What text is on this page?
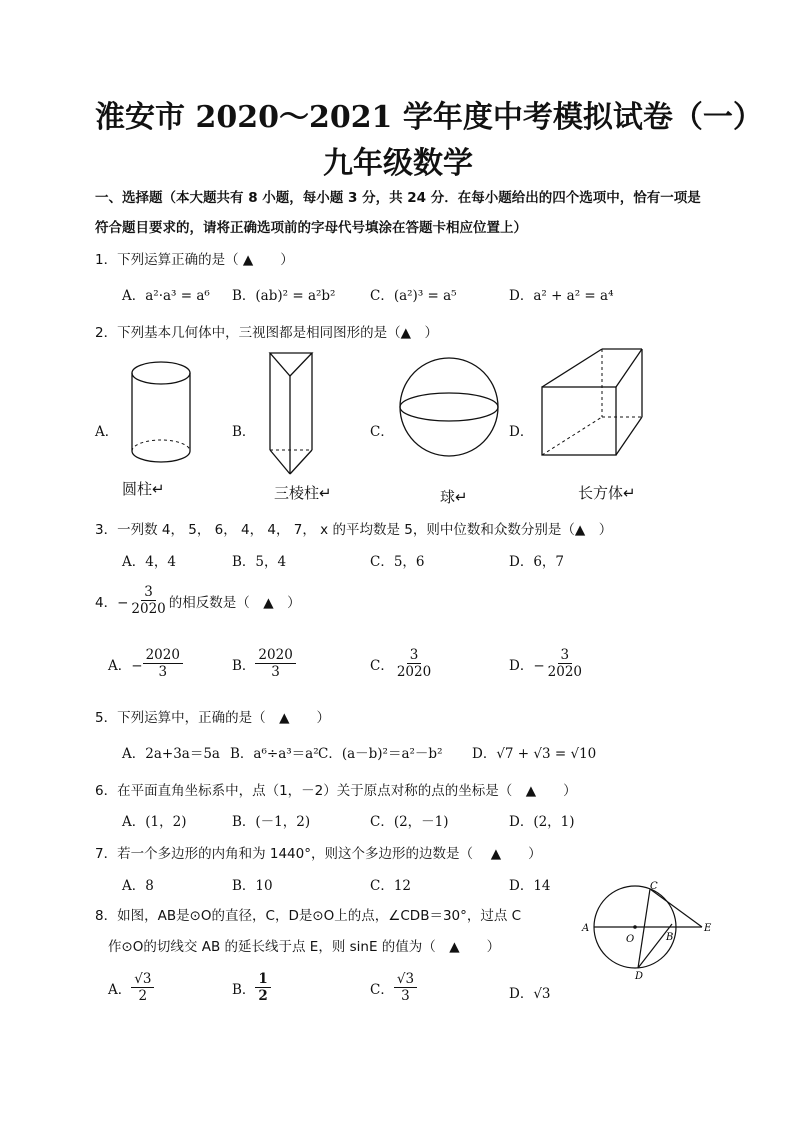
淮安市 2020～2021 学年度中考模拟试卷（一）
九年级数学
一、选择题（本大题共有 8 小题，每小题 3 分，共 24 分．在每小题给出的四个选项中，恰有一项是
符合题目要求的，请将正确选项前的字母代号填涂在答题卡相应位置上）
1．下列运算正确的是（ ▲　　）
A．a²·a³ = a⁶ B．(ab)² = a²b²	C．(a²)³ = a⁵	D．a² + a² = a⁴
2．下列基本几何体中，三视图都是相同图形的是（▲　）
A．	B．	C．	D．
圆柱↵	三棱柱↵	球↵	长方体↵
3．一列数 4， 5， 6， 4， 4， 7， x 的平均数是 5，则中位数和众数分别是（▲　）
A．4，4	B．5，4	C．5，6	D．6，7
4．− $\frac{3}{2020}$ 的相反数是（　▲　）
A．− $\frac{2020}{3}$	B． $\frac{2020}{3}$	C． $\frac{3}{2020}$	D．− $\frac{3}{2020}$
5．下列运算中，正确的是（　▲　　）
A．2a+3a＝5a B．a⁶÷a³＝a² C．(a－b)²＝a²－b² D．√7 + √3 = √10
6．在平面直角坐标系中，点（1，－2）关于原点对称的点的坐标是（　▲　　）
A．(1，2)	B．(－1，2)	C．(2，－1)	D．(2，1)
7．若一个多边形的内角和为 1440°，则这个多边形的边数是（　 ▲　　）
A．8	B．10	C．12	D．14
8．如图，AB是⊙O的直径，C，D是⊙O上的点，∠CDB＝30°，过点 C
作⊙O的切线交 AB 的延长线于点 E，则 sinE 的值为（　▲　　）
A
O	B
E
C
D
A． $\frac{√3}{2}$	B． $\frac{1}{2}$	C． $\frac{√3}{3}$	D．√3
